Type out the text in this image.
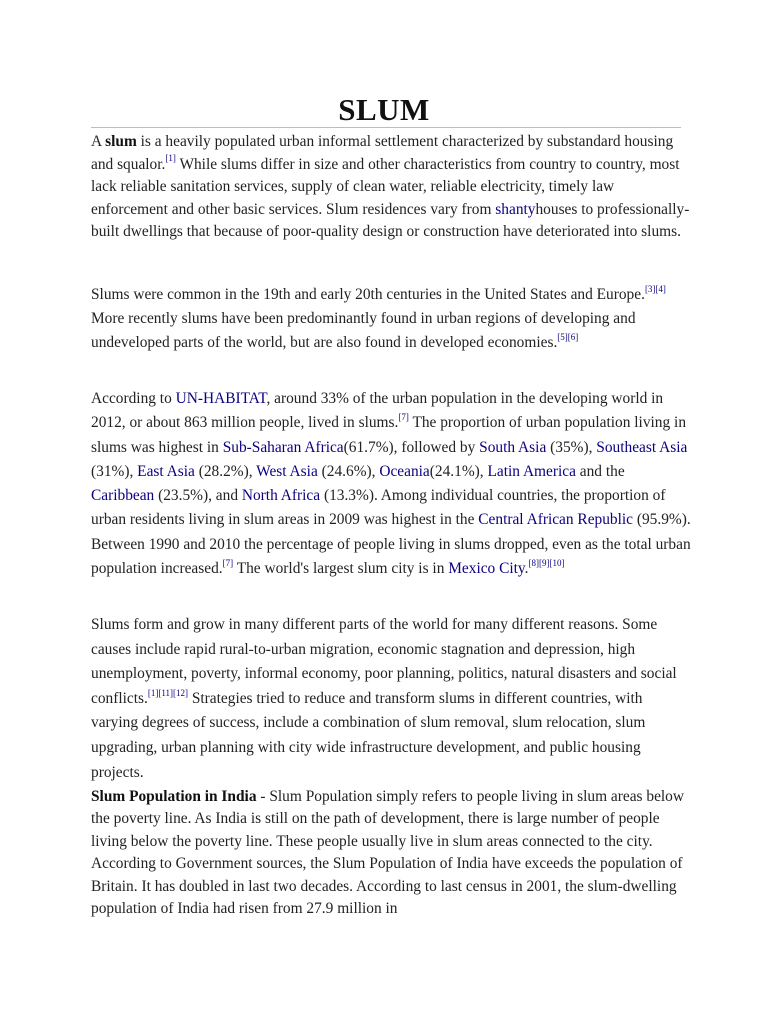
SLUM

A slum is a heavily populated urban informal settlement characterized by substandard housing and squalor.[1] While slums differ in size and other characteristics from country to country, most lack reliable sanitation services, supply of clean water, reliable electricity, timely law enforcement and other basic services. Slum residences vary from shantyhouses to professionally-built dwellings that because of poor-quality design or construction have deteriorated into slums.

Slums were common in the 19th and early 20th centuries in the United States and Europe.[3][4] More recently slums have been predominantly found in urban regions of developing and undeveloped parts of the world, but are also found in developed economies.[5][6]

According to UN-HABITAT, around 33% of the urban population in the developing world in 2012, or about 863 million people, lived in slums.[7] The proportion of urban population living in slums was highest in Sub-Saharan Africa(61.7%), followed by South Asia (35%), Southeast Asia (31%), East Asia (28.2%), West Asia (24.6%), Oceania(24.1%), Latin America and the Caribbean (23.5%), and North Africa (13.3%). Among individual countries, the proportion of urban residents living in slum areas in 2009 was highest in the Central African Republic (95.9%). Between 1990 and 2010 the percentage of people living in slums dropped, even as the total urban population increased.[7] The world's largest slum city is in Mexico City.[8][9][10]

Slums form and grow in many different parts of the world for many different reasons. Some causes include rapid rural-to-urban migration, economic stagnation and depression, high unemployment, poverty, informal economy, poor planning, politics, natural disasters and social conflicts.[1][11][12] Strategies tried to reduce and transform slums in different countries, with varying degrees of success, include a combination of slum removal, slum relocation, slum upgrading, urban planning with city wide infrastructure development, and public housing projects.

Slum Population in India - Slum Population simply refers to people living in slum areas below the poverty line. As India is still on the path of development, there is large number of people living below the poverty line. These people usually live in slum areas connected to the city. According to Government sources, the Slum Population of India have exceeds the population of Britain. It has doubled in last two decades. According to last census in 2001, the slum-dwelling population of India had risen from 27.9 million in
